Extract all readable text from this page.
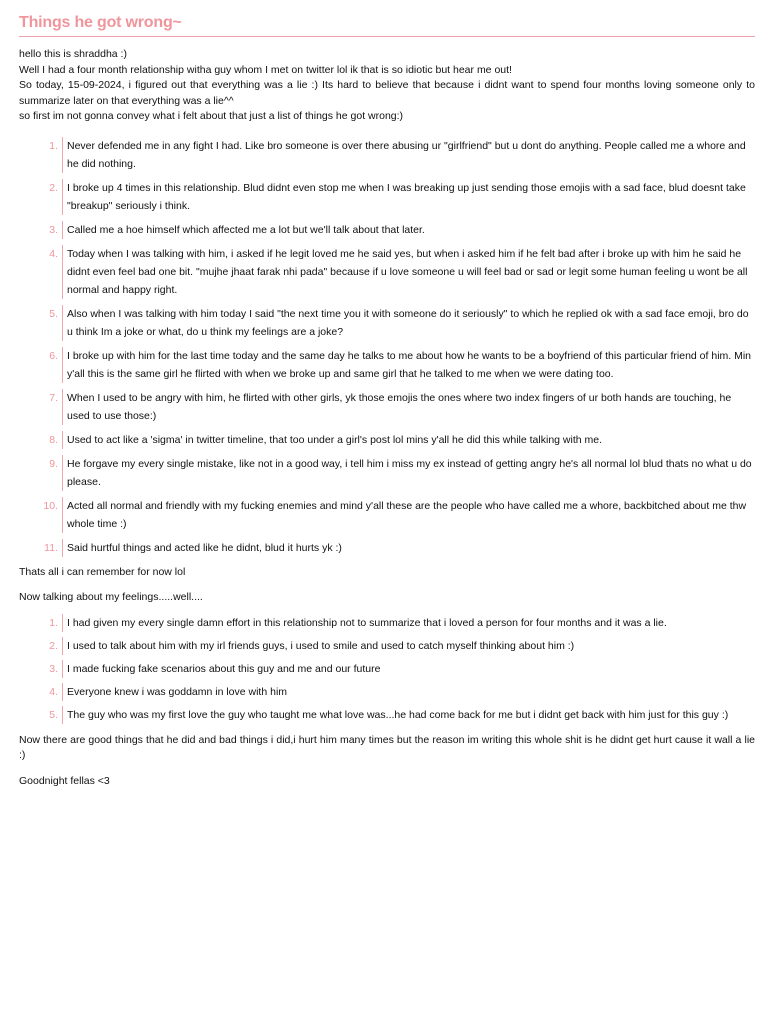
Things he got wrong~

hello this is shraddha :)

Well I had a four month relationship witha guy whom I met on twitter lol ik that is so idiotic but hear me out!

So today, 15-09-2024, i figured out that everything was a lie :) Its hard to believe that because i didnt want to spend four months loving someone only to summarize later on that everything was a lie^^

so first im not gonna convey what i felt about that just a list of things he got wrong:)

1. Never defended me in any fight I had. Like bro someone is over there abusing ur "girlfriend" but u dont do anything. People called me a whore and he did nothing.
2. I broke up 4 times in this relationship. Blud didnt even stop me when I was breaking up just sending those emojis with a sad face, blud doesnt take "breakup" seriously i think.
3. Called me a hoe himself which affected me a lot but we'll talk about that later.
4. Today when I was talking with him, i asked if he legit loved me he said yes, but when i asked him if he felt bad after i broke up with him he said he didnt even feel bad one bit. "mujhe jhaat farak nhi pada" because if u love someone u will feel bad or sad or legit some human feeling u wont be all normal and happy right.
5. Also when I was talking with him today I said "the next time you it with someone do it seriously" to which he replied ok with a sad face emoji, bro do u think Im a joke or what, do u think my feelings are a joke?
6. I broke up with him for the last time today and the same day he talks to me about how he wants to be a boyfriend of this particular friend of him. Min y'all this is the same girl he flirted with when we broke up and same girl that he talked to me when we were dating too.
7. When I used to be angry with him, he flirted with other girls, yk those emojis the ones where two index fingers of ur both hands are touching, he used to use those:)
8. Used to act like a 'sigma' in twitter timeline, that too under a girl's post lol mins y'all he did this while talking with me.
9. He forgave my every single mistake, like not in a good way, i tell him i miss my ex instead of getting angry he's all normal lol blud thats no what u do please.
10. Acted all normal and friendly with my fucking enemies and mind y'all these are the people who have called me a whore, backbitched about me thw whole time :)
11. Said hurtful things and acted like he didnt, blud it hurts yk :)

Thats all i can remember for now lol

Now talking about my feelings.....well....

1. I had given my every single damn effort in this relationship not to summarize that i loved a person for four months and it was a lie.
2. I used to talk about him with my irl friends guys, i used to smile and used to catch myself thinking about him :)
3. I made fucking fake scenarios about this guy and me and our future
4. Everyone knew i was goddamn in love with him
5. The guy who was my first love the guy who taught me what love was...he had come back for me but i didnt get back with him just for this guy :)

Now there are good things that he did and bad things i did,i hurt him many times but the reason im writing this whole shit is he didnt get hurt cause it wall a lie :)

Goodnight fellas <3
